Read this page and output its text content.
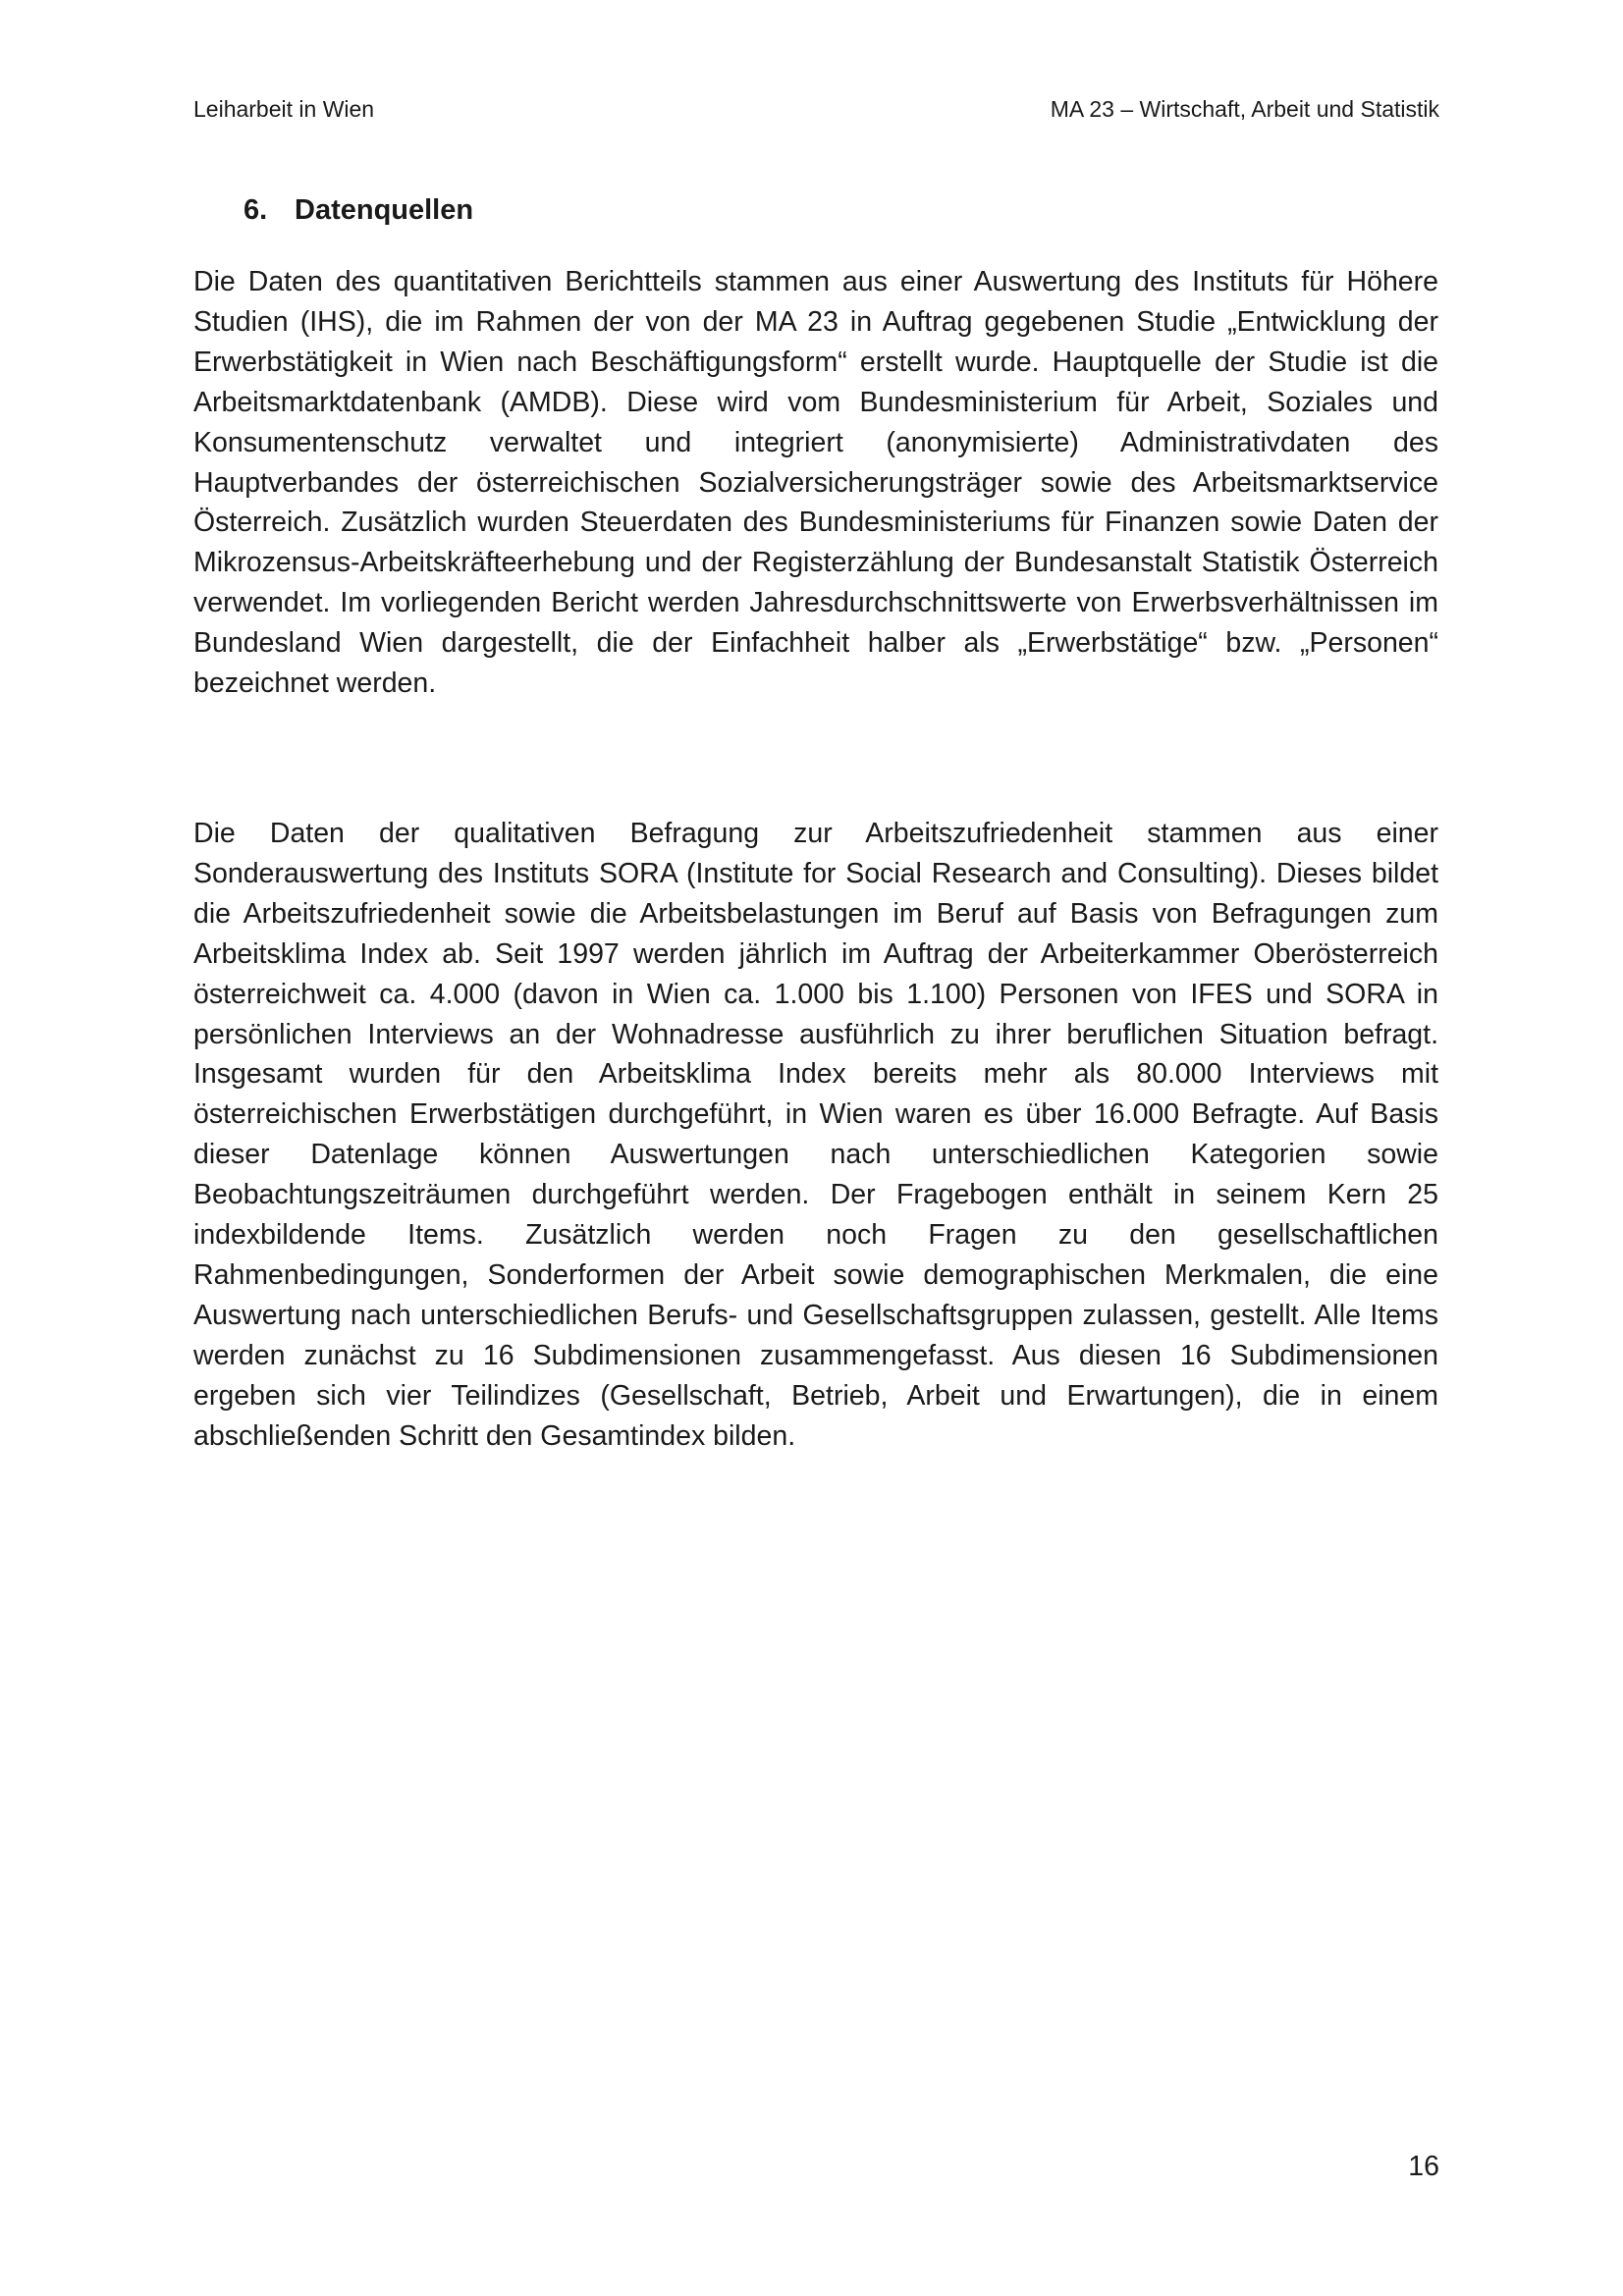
Leiharbeit in Wien	MA 23 – Wirtschaft, Arbeit und Statistik
6. Datenquellen

Die Daten des quantitativen Berichtteils stammen aus einer Auswertung des Instituts für Höhere Studien (IHS), die im Rahmen der von der MA 23 in Auftrag gegebenen Studie „Entwicklung der Erwerbstätigkeit in Wien nach Beschäftigungsform“ erstellt wurde. Hauptquelle der Studie ist die Arbeitsmarktdatenbank (AMDB). Diese wird vom Bundesministerium für Arbeit, Soziales und Konsumentenschutz verwaltet und integriert (anonymisierte) Administrativdaten des Hauptverbandes der österreichischen Sozialversicherungsträger sowie des Arbeitsmarktservice Österreich. Zusätzlich wurden Steuerdaten des Bundesministeriums für Finanzen sowie Daten der Mikrozensus-Arbeitskräfteerhebung und der Registerzählung der Bundesanstalt Statistik Österreich verwendet. Im vorliegenden Bericht werden Jahresdurchschnittswerte von Erwerbsverhältnissen im Bundesland Wien dargestellt, die der Einfachheit halber als „Erwerbstätige“ bzw. „Personen“ bezeichnet werden.

Die Daten der qualitativen Befragung zur Arbeitszufriedenheit stammen aus einer Sonderauswertung des Instituts SORA (Institute for Social Research and Consulting). Dieses bildet die Arbeitszufriedenheit sowie die Arbeitsbelastungen im Beruf auf Basis von Befragungen zum Arbeitsklima Index ab. Seit 1997 werden jährlich im Auftrag der Arbeiterkammer Oberösterreich österreichweit ca. 4.000 (davon in Wien ca. 1.000 bis 1.100) Personen von IFES und SORA in persönlichen Interviews an der Wohnadresse ausführlich zu ihrer beruflichen Situation befragt. Insgesamt wurden für den Arbeitsklima Index bereits mehr als 80.000 Interviews mit österreichischen Erwerbstätigen durchgeführt, in Wien waren es über 16.000 Befragte. Auf Basis dieser Datenlage können Auswertungen nach unterschiedlichen Kategorien sowie Beobachtungszeiträumen durchgeführt werden. Der Fragebogen enthält in seinem Kern 25 indexbildende Items. Zusätzlich werden noch Fragen zu den gesellschaftlichen Rahmenbedingungen, Sonderformen der Arbeit sowie demographischen Merkmalen, die eine Auswertung nach unterschiedlichen Berufs- und Gesellschaftsgruppen zulassen, gestellt. Alle Items werden zunächst zu 16 Subdimensionen zusammengefasst. Aus diesen 16 Subdimensionen ergeben sich vier Teilindizes (Gesellschaft, Betrieb, Arbeit und Erwartungen), die in einem abschließenden Schritt den Gesamtindex bilden.

16
